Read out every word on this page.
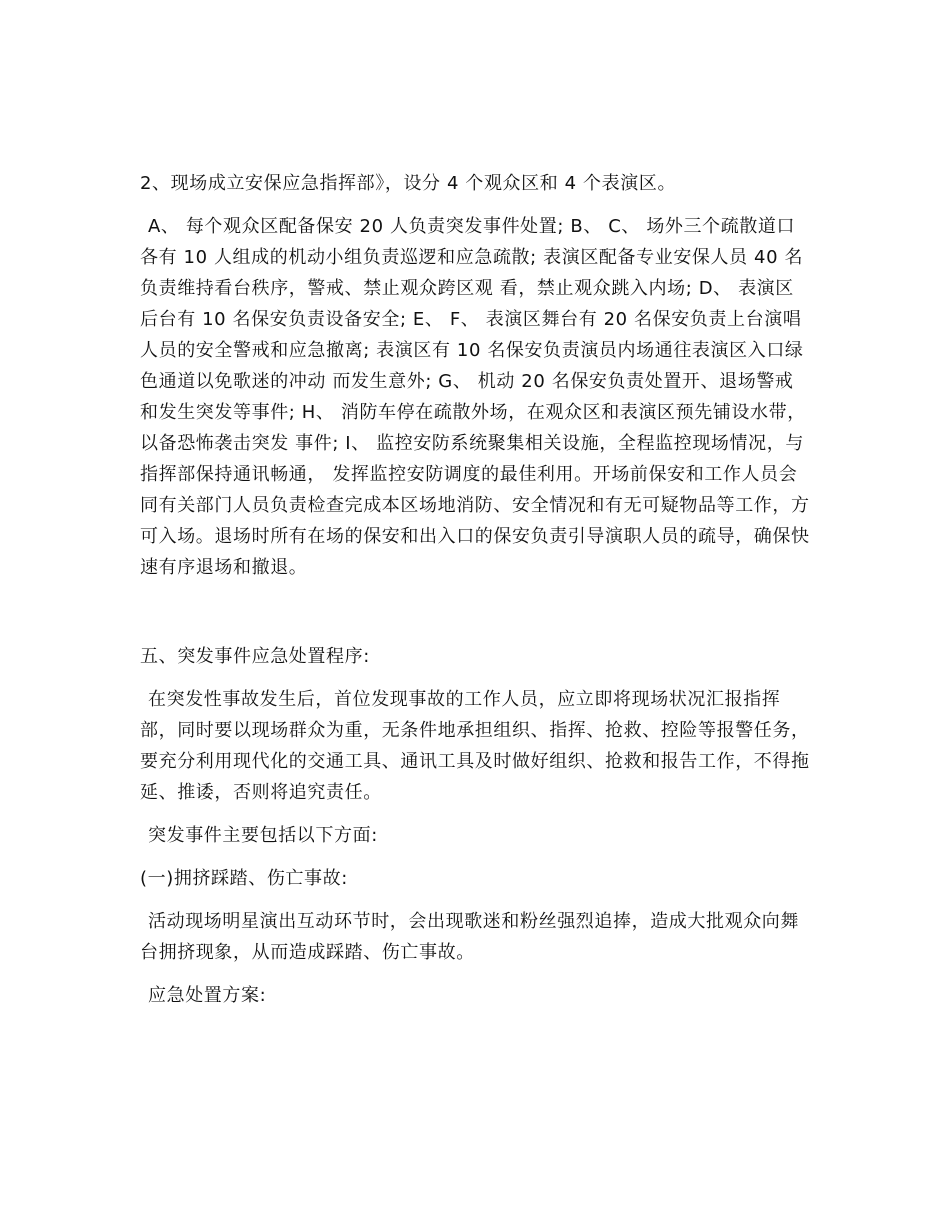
2、现场成立安保应急指挥部》，设分 4 个观众区和 4 个表演区。

A、 每个观众区配备保安 20 人负责突发事件处置; B、 C、 场外三个疏散道口各有 10 人组成的机动小组负责巡逻和应急疏散; 表演区配备专业安保人员 40 名负责维持看台秩序，警戒、禁止观众跨区观 看，禁止观众跳入内场; D、 表演区后台有 10 名保安负责设备安全; E、 F、 表演区舞台有 20 名保安负责上台演唱人员的安全警戒和应急撤离; 表演区有 10 名保安负责演员内场通往表演区入口绿色通道以免歌迷的冲动 而发生意外; G、 机动 20 名保安负责处置开、退场警戒和发生突发等事件; H、 消防车停在疏散外场，在观众区和表演区预先铺设水带，以备恐怖袭击突发 事件; I、 监控安防系统聚集相关设施，全程监控现场情况，与指挥部保持通讯畅通， 发挥监控安防调度的最佳利用。开场前保安和工作人员会同有关部门人员负责检查完成本区场地消防、安全情况和有无可疑物品等工作，方可入场。退场时所有在场的保安和出入口的保安负责引导演职人员的疏导，确保快速有序退场和撤退。

五、突发事件应急处置程序:

在突发性事故发生后，首位发现事故的工作人员，应立即将现场状况汇报指挥部，同时要以现场群众为重，无条件地承担组织、指挥、抢救、控险等报警任务，要充分利用现代化的交通工具、通讯工具及时做好组织、抢救和报告工作，不得拖延、推诿，否则将追究责任。

突发事件主要包括以下方面:

(一)拥挤踩踏、伤亡事故:

活动现场明星演出互动环节时，会出现歌迷和粉丝强烈追捧，造成大批观众向舞台拥挤现象，从而造成踩踏、伤亡事故。

应急处置方案:
